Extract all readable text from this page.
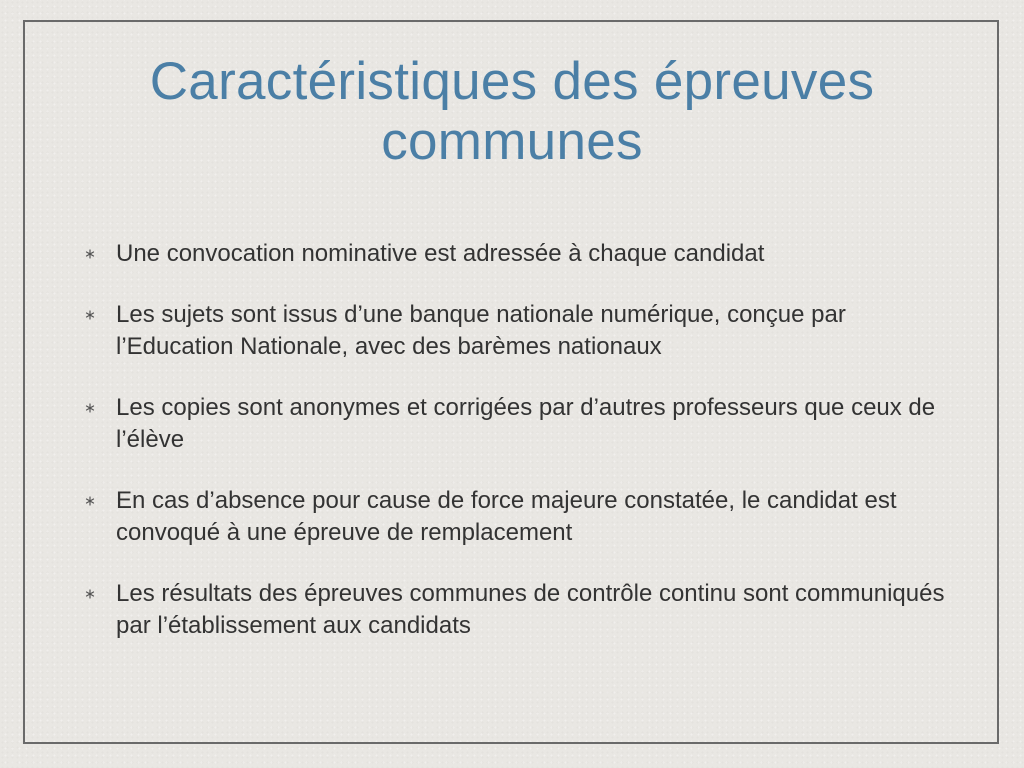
Caractéristiques des épreuves
communes
Une convocation nominative est adressée à chaque candidat
Les sujets sont issus d’une banque nationale numérique, conçue par l’Education Nationale, avec des barèmes nationaux
Les copies sont anonymes et corrigées par d’autres professeurs que ceux de l’élève
En cas d’absence pour cause de force majeure constatée, le candidat est convoqué à une épreuve de remplacement
Les résultats des épreuves communes de contrôle continu sont communiqués par l’établissement aux candidats
